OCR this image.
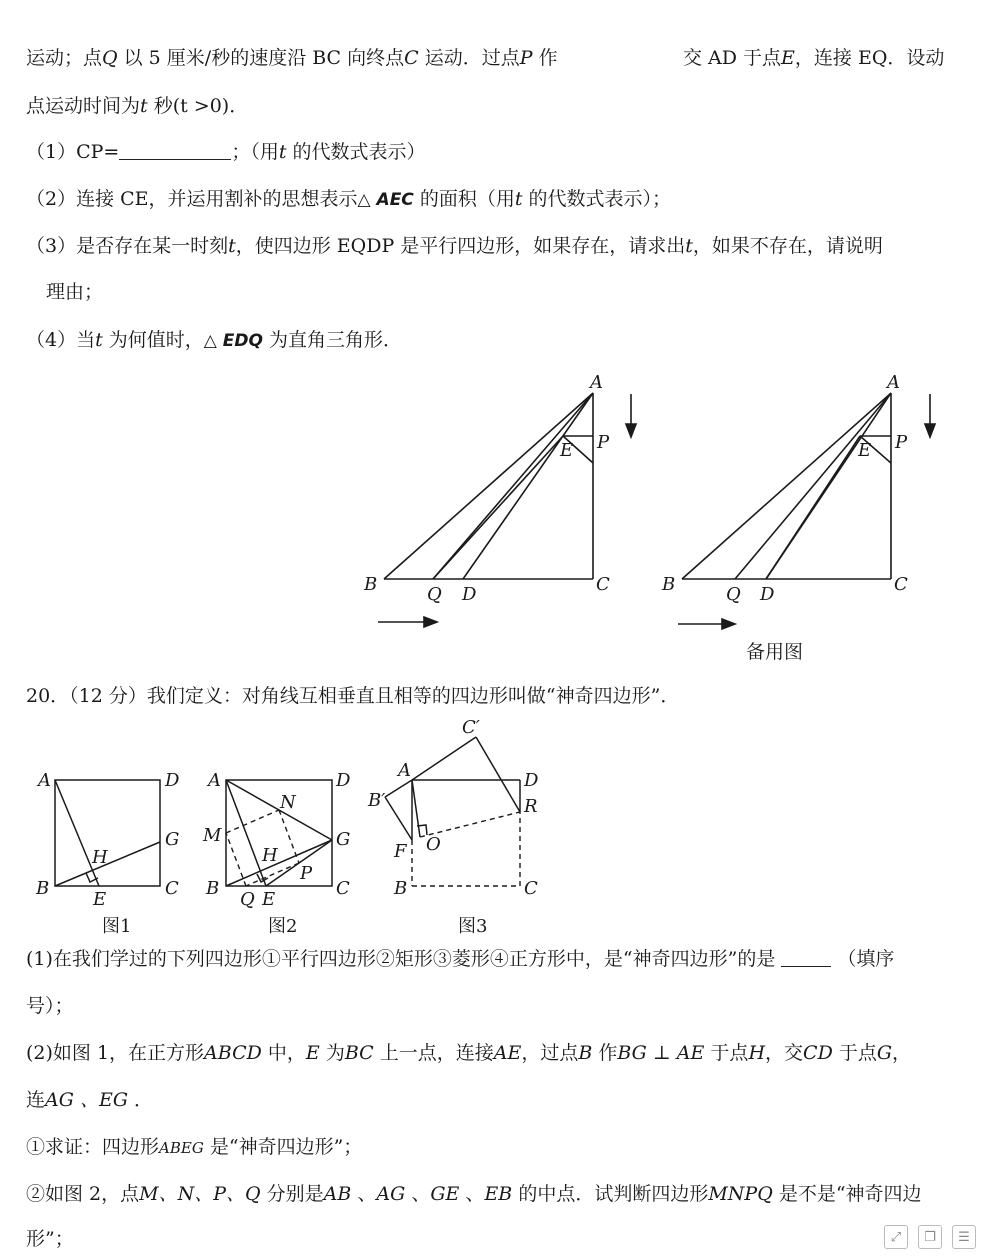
运动；点Q 以 5 厘米/秒的速度沿 BC 向终点C 运动．过点P 作	交 AD 于点E，连接 EQ．设动
点运动时间为t 秒(t >0)．
（1）CP=	；（用t 的代数式表示）
（2）连接 CE，并运用割补的思想表示△ AEC 的面积（用t 的代数式表示）；
（3）是否存在某一时刻t，使四边形 EQDP 是平行四边形，如果存在，请求出t，如果不存在，请说明
理由；
（4）当t 为何值时，△ EDQ 为直角三角形．
A
P
E
B	C
Q D
A
P
E
B	C
Q D
备用图
20．（12 分）我们定义：对角线互相垂直且相等的四边形叫做“神奇四边形”．
A	D
G
H
B	C
E
图1
A	D
N
M	G
H
P
B	C
Q E
图2
C′
A	D
B′	R
O
F
B	C
图3
(1)在我们学过的下列四边形①平行四边形②矩形③菱形④正方形中，是“神奇四边形”的是	（填序
号）；
(2)如图 1，在正方形ABCD 中，E 为BC 上一点，连接AE，过点B 作BG ⊥ AE 于点H，交CD 于点G，
连AG 、EG ．
①求证：四边形ABEG 是“神奇四边形”；
②如图 2，点M、N、P、Q 分别是AB 、AG 、GE 、EB 的中点．试判断四边形MNPQ 是不是“神奇四边
形”；	⤢	❐	☰
